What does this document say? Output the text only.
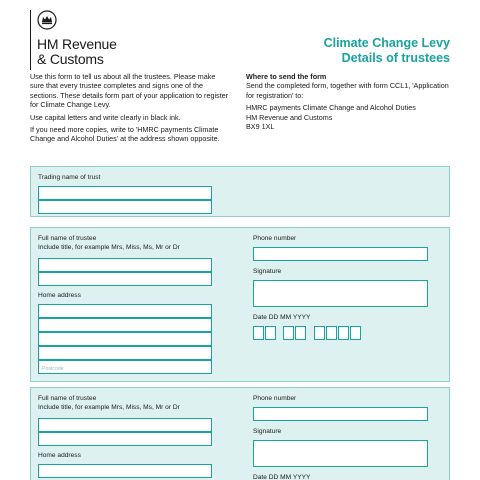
HM Revenue
& Customs
Climate Change Levy
Details of trustees

Use this form to tell us about all the trustees. Please make sure that every trustee completes and signs one of the sections. These details form part of your application to register for Climate Change Levy.

Use capital letters and write clearly in black ink.

If you need more copies, write to 'HMRC payments Climate Change and Alcohol Duties' at the address shown opposite.

Where to send the form

Send the completed form, together with form CCL1, 'Application for registration' to:

HMRC payments Climate Change and Alcohol Duties
HM Revenue and Customs
BX9 1XL
Trading name of trust
Full name of trustee
Include title, for example Mrs, Miss, Ms, Mr or Dr
Home address
Postcode
Phone number
Signature
Date DD MM YYYY
Full name of trustee
Include title, for example Mrs, Miss, Ms, Mr or Dr
Home address
Phone number
Signature
Date DD MM YYYY
